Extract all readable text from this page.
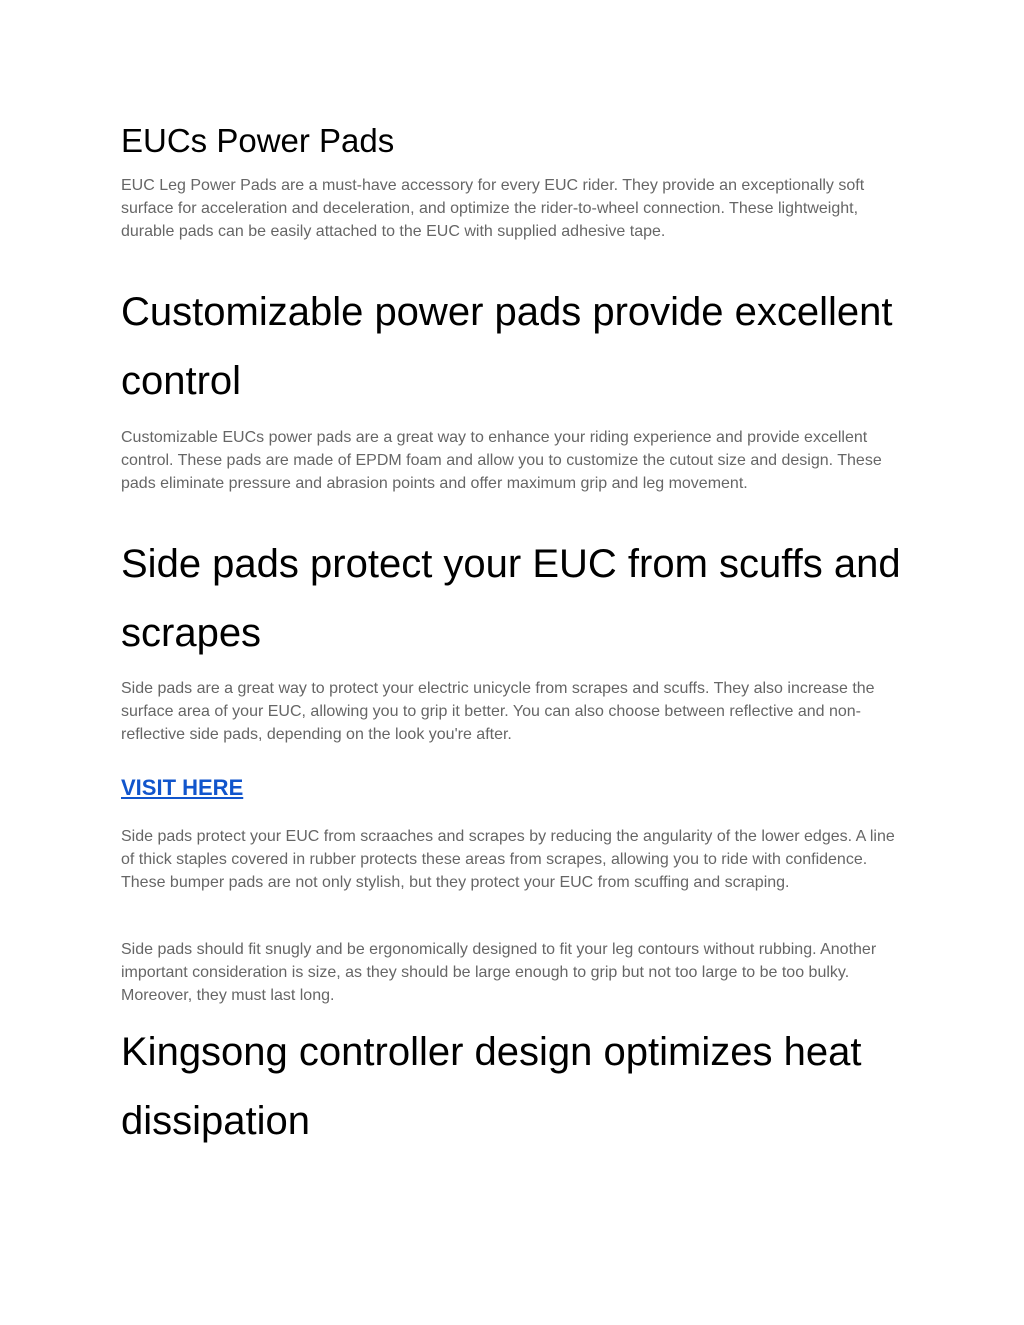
EUCs Power Pads

EUC Leg Power Pads are a must-have accessory for every EUC rider. They provide an exceptionally soft surface for acceleration and deceleration, and optimize the rider-to-wheel connection. These lightweight, durable pads can be easily attached to the EUC with supplied adhesive tape.

Customizable power pads provide excellent control

Customizable EUCs power pads are a great way to enhance your riding experience and provide excellent control. These pads are made of EPDM foam and allow you to customize the cutout size and design. These pads eliminate pressure and abrasion points and offer maximum grip and leg movement.

Side pads protect your EUC from scuffs and scrapes

Side pads are a great way to protect your electric unicycle from scrapes and scuffs. They also increase the surface area of your EUC, allowing you to grip it better. You can also choose between reflective and non-reflective side pads, depending on the look you're after.

VISIT HERE

Side pads protect your EUC from scraaches and scrapes by reducing the angularity of the lower edges. A line of thick staples covered in rubber protects these areas from scrapes, allowing you to ride with confidence. These bumper pads are not only stylish, but they protect your EUC from scuffing and scraping.

Side pads should fit snugly and be ergonomically designed to fit your leg contours without rubbing. Another important consideration is size, as they should be large enough to grip but not too large to be too bulky. Moreover, they must last long.

Kingsong controller design optimizes heat dissipation
